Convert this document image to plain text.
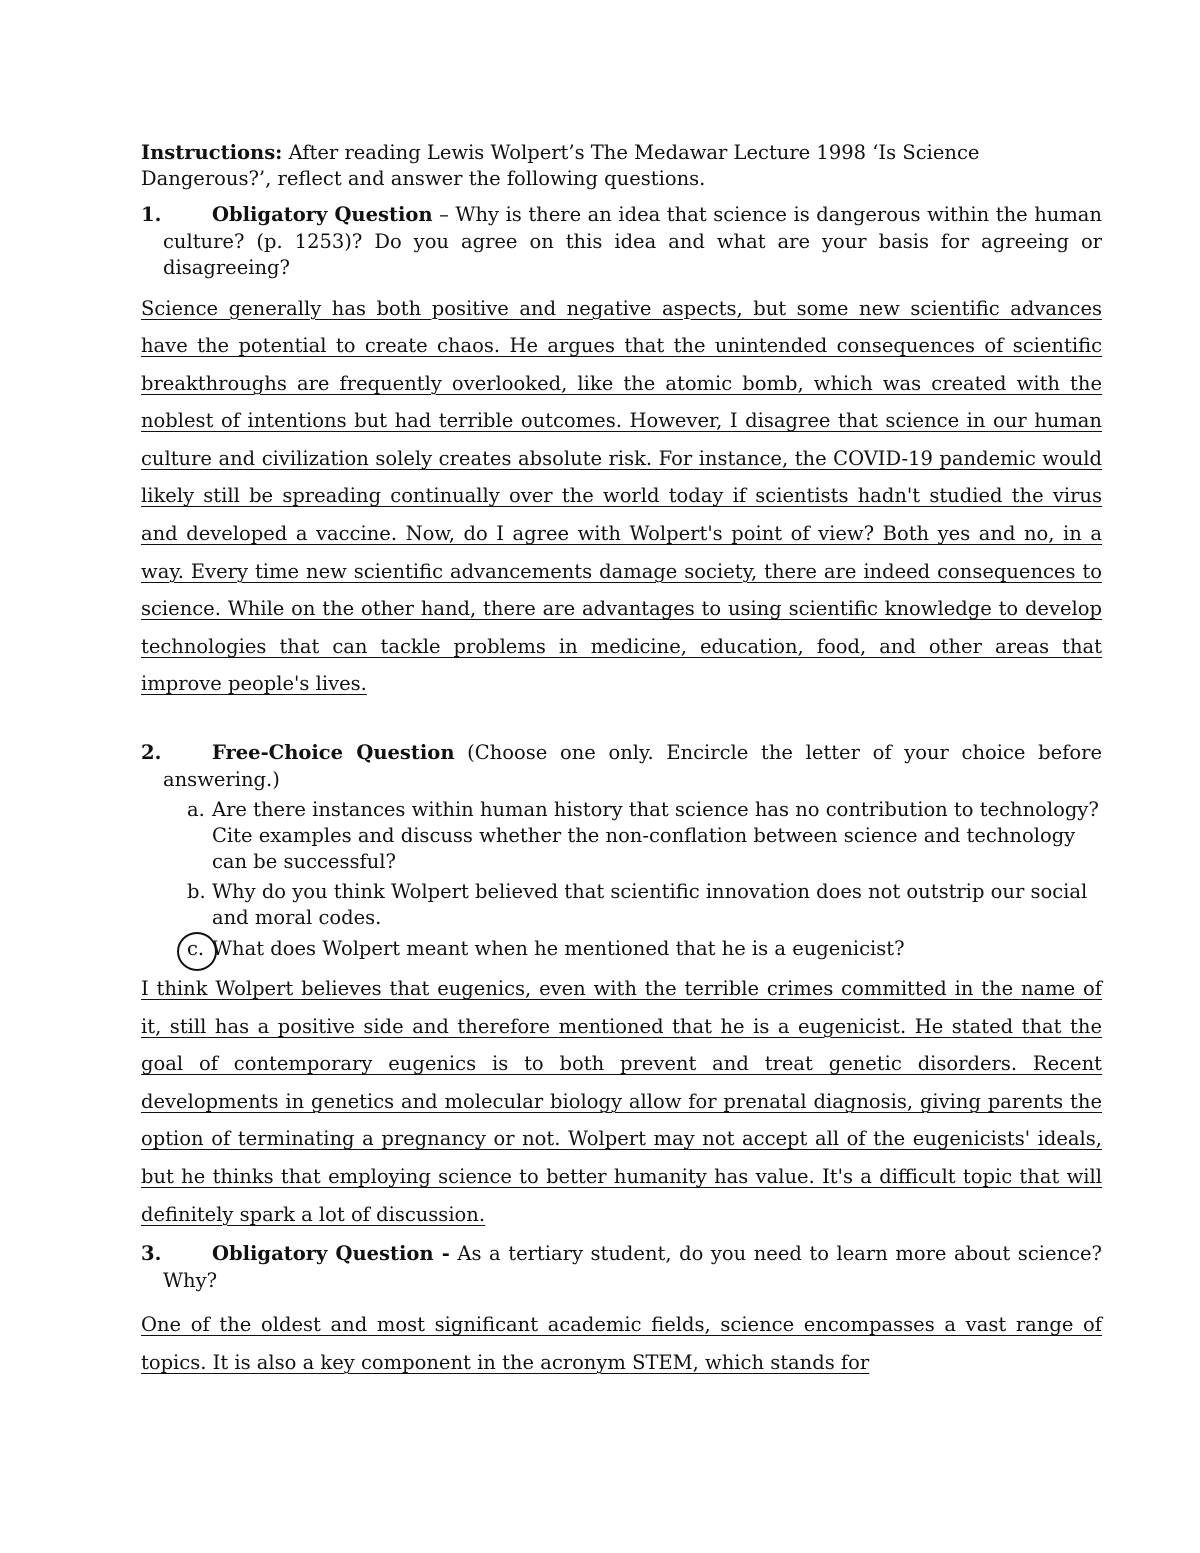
Instructions: After reading Lewis Wolpert’s The Medawar Lecture 1998 ‘Is Science Dangerous?’, reflect and answer the following questions.

1.	Obligatory Question – Why is there an idea that science is dangerous within the human culture? (p. 1253)? Do you agree on this idea and what are your basis for agreeing or disagreeing?

Science generally has both positive and negative aspects, but some new scientific advances have the potential to create chaos. He argues that the unintended consequences of scientific breakthroughs are frequently overlooked, like the atomic bomb, which was created with the noblest of intentions but had terrible outcomes. However, I disagree that science in our human culture and civilization solely creates absolute risk. For instance, the COVID-19 pandemic would likely still be spreading continually over the world today if scientists hadn't studied the virus and developed a vaccine. Now, do I agree with Wolpert's point of view? Both yes and no, in a way. Every time new scientific advancements damage society, there are indeed consequences to science. While on the other hand, there are advantages to using scientific knowledge to develop technologies that can tackle problems in medicine, education, food, and other areas that improve people's lives.

2.	Free-Choice Question (Choose one only. Encircle the letter of your choice before answering.)

a. Are there instances within human history that science has no contribution to technology? Cite examples and discuss whether the non-conflation between science and technology can be successful?
b. Why do you think Wolpert believed that scientific innovation does not outstrip our social and moral codes.
c. What does Wolpert meant when he mentioned that he is a eugenicist?

I think Wolpert believes that eugenics, even with the terrible crimes committed in the name of it, still has a positive side and therefore mentioned that he is a eugenicist. He stated that the goal of contemporary eugenics is to both prevent and treat genetic disorders. Recent developments in genetics and molecular biology allow for prenatal diagnosis, giving parents the option of terminating a pregnancy or not. Wolpert may not accept all of the eugenicists' ideals, but he thinks that employing science to better humanity has value. It's a difficult topic that will definitely spark a lot of discussion.

3.	Obligatory Question - As a tertiary student, do you need to learn more about science? Why?

One of the oldest and most significant academic fields, science encompasses a vast range of topics. It is also a key component in the acronym STEM, which stands for
